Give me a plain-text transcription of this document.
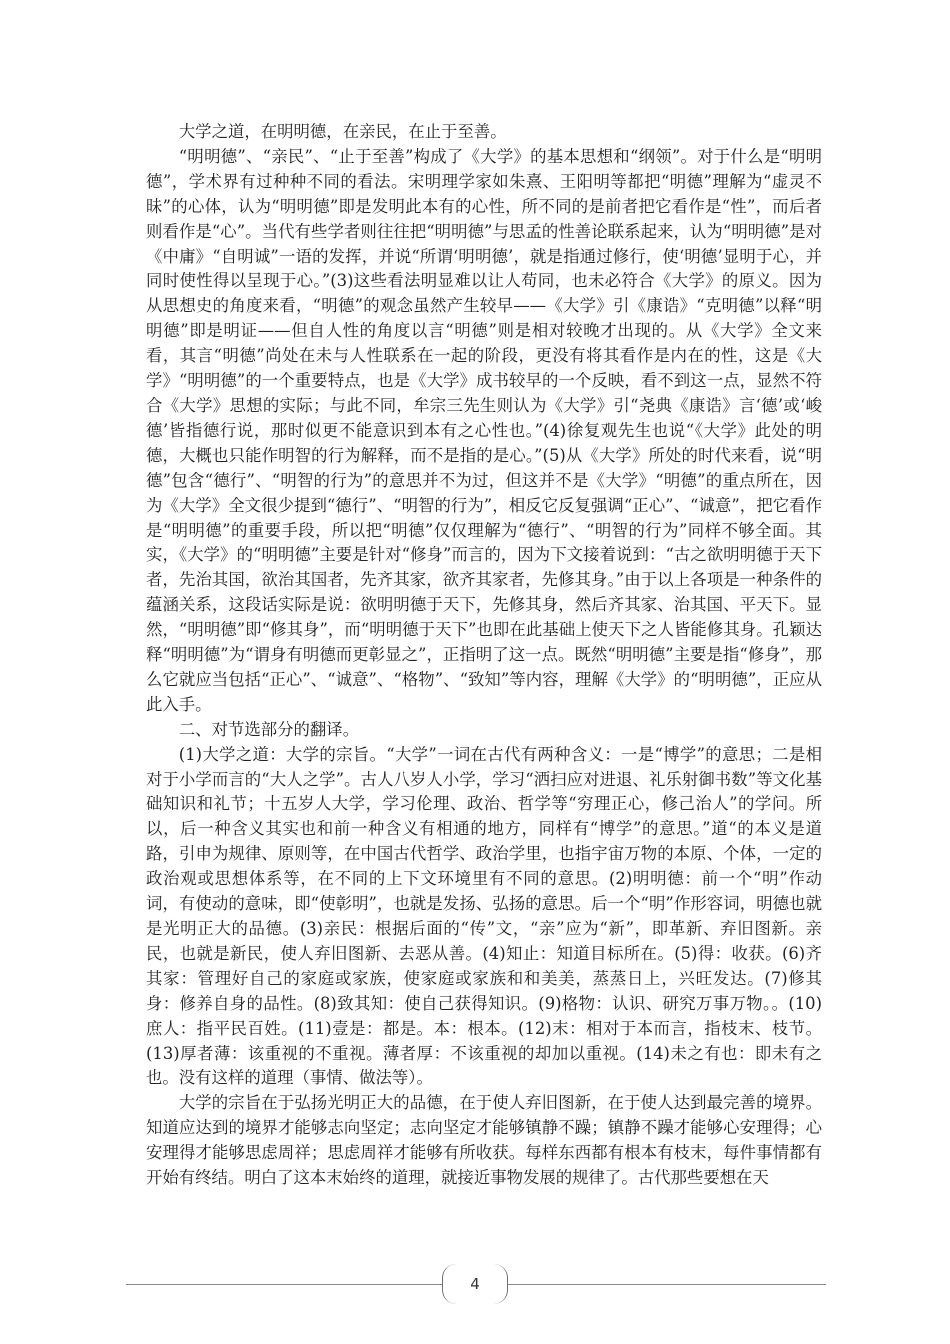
大学之道，在明明德，在亲民，在止于至善。

“明明德”、“亲民”、“止于至善”构成了《大学》的基本思想和“纲领”。对于什么是“明明德”，学术界有过种种不同的看法。宋明理学家如朱熹、王阳明等都把“明德”理解为“虚灵不昧”的心体，认为“明明德”即是发明此本有的心性，所不同的是前者把它看作是“性”，而后者则看作是“心”。当代有些学者则往往把“明明德”与思孟的性善论联系起来，认为“明明德”是对《中庸》“自明诚”一语的发挥，并说“所谓‘明明德’，就是指通过修行，使‘明德’显明于心，并同时使性得以呈现于心。”(3)这些看法明显难以让人苟同，也未必符合《大学》的原义。因为从思想史的角度来看，“明德”的观念虽然产生较早——《大学》引《康诰》“克明德”以释“明明德”即是明证——但自人性的角度以言“明德”则是相对较晚才出现的。从《大学》全文来看，其言“明德”尚处在未与人性联系在一起的阶段，更没有将其看作是内在的性，这是《大学》“明明德”的一个重要特点，也是《大学》成书较早的一个反映，看不到这一点，显然不符合《大学》思想的实际；与此不同，牟宗三先生则认为《大学》引“尧典《康诰》言‘德’或‘峻德’皆指德行说，那时似更不能意识到本有之心性也。”(4)徐复观先生也说“《大学》此处的明德，大概也只能作明智的行为解释，而不是指的是心。”(5)从《大学》所处的时代来看，说“明德”包含“德行”、“明智的行为”的意思并不为过，但这并不是《大学》“明德”的重点所在，因为《大学》全文很少提到“德行”、“明智的行为”，相反它反复强调“正心”、“诚意”，把它看作是“明明德”的重要手段，所以把“明德”仅仅理解为“德行”、“明智的行为”同样不够全面。其实，《大学》的“明明德”主要是针对“修身”而言的，因为下文接着说到：“古之欲明明德于天下者，先治其国，欲治其国者，先齐其家，欲齐其家者，先修其身。”由于以上各项是一种条件的蕴涵关系，这段话实际是说：欲明明德于天下，先修其身，然后齐其家、治其国、平天下。显然，“明明德”即“修其身”，而“明明德于天下”也即在此基础上使天下之人皆能修其身。孔颖达释“明明德”为“谓身有明德而更彰显之”，正指明了这一点。既然“明明德”主要是指“修身”，那么它就应当包括“正心”、“诚意”、“格物”、“致知”等内容，理解《大学》的“明明德”，正应从此入手。

二、对节选部分的翻译。

(1)大学之道：大学的宗旨。“大学”一词在古代有两种含义：一是“博学”的意思；二是相对于小学而言的“大人之学”。古人八岁人小学，学习“洒扫应对进退、礼乐射御书数”等文化基础知识和礼节；十五岁人大学，学习伦理、政治、哲学等“穷理正心，修己治人”的学问。所以，后一种含义其实也和前一种含义有相通的地方，同样有“博学”的意思。”道“的本义是道路，引申为规律、原则等，在中国古代哲学、政治学里，也指宇宙万物的本原、个体，一定的政治观或思想体系等，在不同的上下文环境里有不同的意思。(2)明明德：前一个“明”作动词，有使动的意味，即“使彰明”，也就是发扬、弘扬的意思。后一个“明”作形容词，明德也就是光明正大的品德。(3)亲民：根据后面的“传”文，“亲”应为“新”，即革新、弃旧图新。亲民，也就是新民，使人弃旧图新、去恶从善。(4)知止：知道目标所在。(5)得：收获。(6)齐其家：管理好自己的家庭或家族，使家庭或家族和和美美，蒸蒸日上，兴旺发达。(7)修其身：修养自身的品性。(8)致其知：使自己获得知识。(9)格物：认识、研究万事万物。。(10)庶人：指平民百姓。(11)壹是：都是。本：根本。(12)末：相对于本而言，指枝末、枝节。(13)厚者薄：该重视的不重视。薄者厚：不该重视的却加以重视。(14)未之有也：即未有之也。没有这样的道理（事情、做法等）。

大学的宗旨在于弘扬光明正大的品德，在于使人弃旧图新，在于使人达到最完善的境界。知道应达到的境界才能够志向坚定；志向坚定才能够镇静不躁；镇静不躁才能够心安理得；心安理得才能够思虑周祥；思虑周祥才能够有所收获。每样东西都有根本有枝末，每件事情都有开始有终结。明白了这本末始终的道理，就接近事物发展的规律了。古代那些要想在天

4
